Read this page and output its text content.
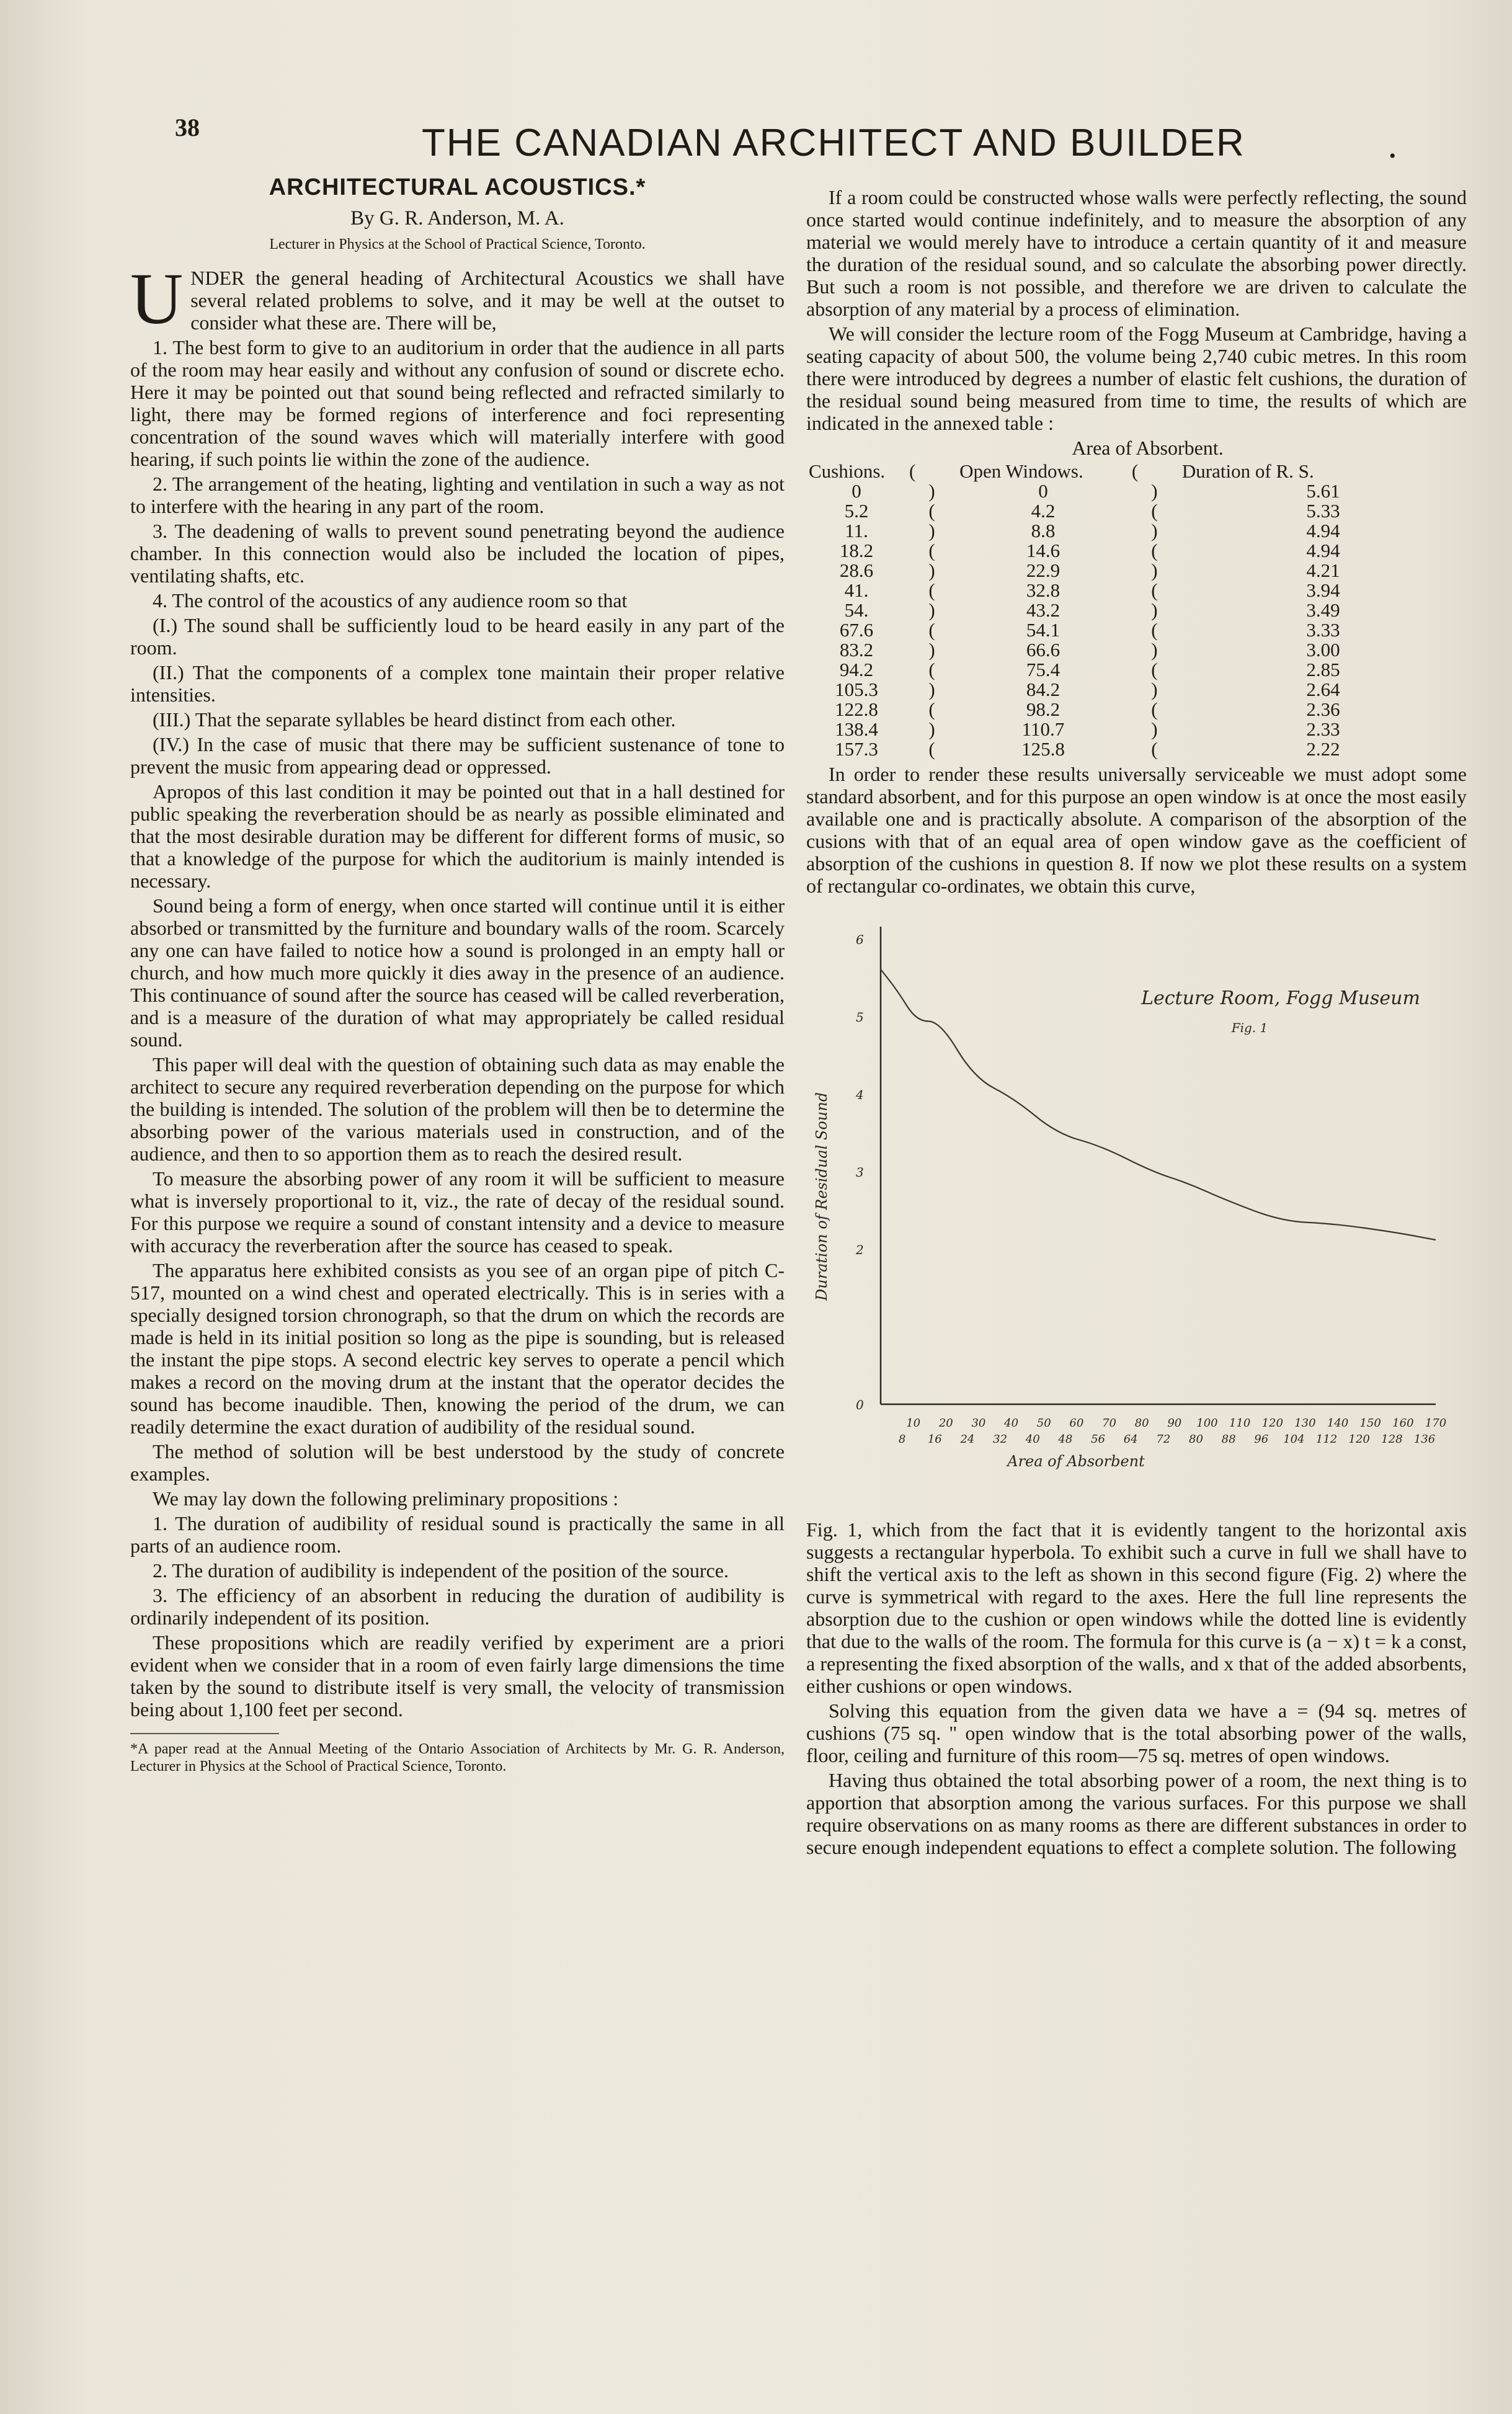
38	THE CANADIAN ARCHITECT AND BUILDER	•
ARCHITECTURAL ACOUSTICS.*
By G. R. Anderson, M. A.
Lecturer in Physics at the School of Practical Science, Toronto.

UNDER the general heading of Architectural Acoustics we shall have several related problems to solve, and it may be well at the outset to consider what these are. There will be,

1. The best form to give to an auditorium in order that the audience in all parts of the room may hear easily and without any confusion of sound or discrete echo. Here it may be pointed out that sound being reflected and refracted similarly to light, there may be formed regions of interference and foci representing concentration of the sound waves which will materially interfere with good hearing, if such points lie within the zone of the audience.

2. The arrangement of the heating, lighting and ventilation in such a way as not to interfere with the hearing in any part of the room.

3. The deadening of walls to prevent sound penetrating beyond the audience chamber. In this connection would also be included the location of pipes, ventilating shafts, etc.

4. The control of the acoustics of any audience room so that

(I.) The sound shall be sufficiently loud to be heard easily in any part of the room.

(II.) That the components of a complex tone maintain their proper relative intensities.

(III.) That the separate syllables be heard distinct from each other.

(IV.) In the case of music that there may be sufficient sustenance of tone to prevent the music from appearing dead or oppressed.

Apropos of this last condition it may be pointed out that in a hall destined for public speaking the reverberation should be as nearly as possible eliminated and that the most desirable duration may be different for different forms of music, so that a knowledge of the purpose for which the auditorium is mainly intended is necessary.

Sound being a form of energy, when once started will continue until it is either absorbed or transmitted by the furniture and boundary walls of the room. Scarcely any one can have failed to notice how a sound is prolonged in an empty hall or church, and how much more quickly it dies away in the presence of an audience. This continuance of sound after the source has ceased will be called reverberation, and is a measure of the duration of what may appropriately be called residual sound.

This paper will deal with the question of obtaining such data as may enable the architect to secure any required reverberation depending on the purpose for which the building is intended. The solution of the problem will then be to determine the absorbing power of the various materials used in construction, and of the audience, and then to so apportion them as to reach the desired result.

To measure the absorbing power of any room it will be sufficient to measure what is inversely proportional to it, viz., the rate of decay of the residual sound. For this purpose we require a sound of constant intensity and a device to measure with accuracy the reverberation after the source has ceased to speak.

The apparatus here exhibited consists as you see of an organ pipe of pitch C-517, mounted on a wind chest and operated electrically. This is in series with a specially designed torsion chronograph, so that the drum on which the records are made is held in its initial position so long as the pipe is sounding, but is released the instant the pipe stops. A second electric key serves to operate a pencil which makes a record on the moving drum at the instant that the operator decides the sound has become inaudible. Then, knowing the period of the drum, we can readily determine the exact duration of audibility of the residual sound.

The method of solution will be best understood by the study of concrete examples.

We may lay down the following preliminary propositions :

1. The duration of audibility of residual sound is practically the same in all parts of an audience room.

2. The duration of audibility is independent of the position of the source.

3. The efficiency of an absorbent in reducing the duration of audibility is ordinarily independent of its position.

These propositions which are readily verified by experiment are a priori evident when we consider that in a room of even fairly large dimensions the time taken by the sound to distribute itself is very small, the velocity of transmission being about 1,100 feet per second.

*A paper read at the Annual Meeting of the Ontario Association of Architects by Mr. G. R. Anderson, Lecturer in Physics at the School of Practical Science, Toronto.

If a room could be constructed whose walls were perfectly reflecting, the sound once started would continue indefinitely, and to measure the absorption of any material we would merely have to introduce a certain quantity of it and measure the duration of the residual sound, and so calculate the absorbing power directly. But such a room is not possible, and therefore we are driven to calculate the absorption of any material by a process of elimination.

We will consider the lecture room of the Fogg Museum at Cambridge, having a seating capacity of about 500, the volume being 2,740 cubic metres. In this room there were introduced by degrees a number of elastic felt cushions, the duration of the residual sound being measured from time to time, the results of which are indicated in the annexed table :

Area of Absorbent.

Cushions.	(	Open Windows.	(	Duration of R. S.
0	)	0	)	5.61
5.2	(	4.2	(	5.33
11.	)	8.8	)	4.94
18.2	(	14.6	(	4.94
28.6	)	22.9	)	4.21
41.	(	32.8	(	3.94
54.	)	43.2	)	3.49
67.6	(	54.1	(	3.33
83.2	)	66.6	)	3.00
94.2	(	75.4	(	2.85
105.3	)	84.2	)	2.64
122.8	(	98.2	(	2.36
138.4	)	110.7	)	2.33
157.3	(	125.8	(	2.22

In order to render these results universally serviceable we must adopt some standard absorbent, and for this purpose an open window is at once the most easily available one and is practically absolute. A comparison of the absorption of the cusions with that of an equal area of open window gave as the coefficient of absorption of the cushions in question 8. If now we plot these results on a system of rectangular co-ordinates, we obtain this curve,

0
2
3
4
5
6
10 20 30 40 50 60 70 80 90 100 110 120 130 140 150 160 170
8 16 24 32 40 48 56 64 72 80 88 96 104 112 120 128 136
Lecture Room, Fogg Museum
Fig. 1
Area of Absorbent
Duration of Residual Sound

Fig. 1, which from the fact that it is evidently tangent to the horizontal axis suggests a rectangular hyperbola. To exhibit such a curve in full we shall have to shift the vertical axis to the left as shown in this second figure (Fig. 2) where the curve is symmetrical with regard to the axes. Here the full line represents the absorption due to the cushion or open windows while the dotted line is evidently that due to the walls of the room. The formula for this curve is (a − x) t = k a const, a representing the fixed absorption of the walls, and x that of the added absorbents, either cushions or open windows.

Solving this equation from the given data we have a = (94 sq. metres of cushions (75 sq. " open window that is the total absorbing power of the walls, floor, ceiling and furniture of this room—75 sq. metres of open windows.

Having thus obtained the total absorbing power of a room, the next thing is to apportion that absorption among the various surfaces. For this purpose we shall require observations on as many rooms as there are different substances in order to secure enough independent equations to effect a complete solution. The following
